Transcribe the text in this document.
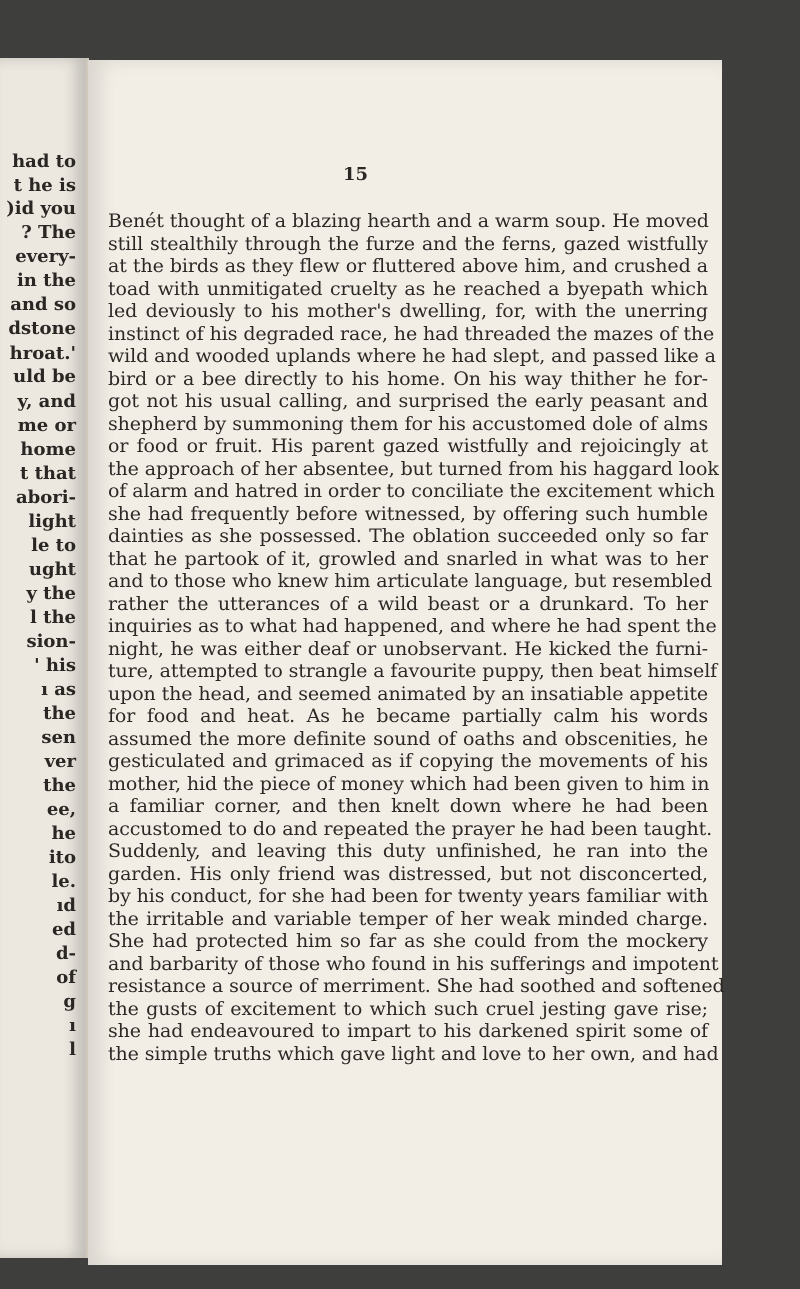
had to
t he is
)id you
? The
every-
in the
and so
dstone
hroat.'
uld be
y, and
me or
home
t that
abori-
light
le to
ught
y the
l the
sion-
' his
ı as
the
sen
ver
the
ee,
he
ito
le.
ıd
ed
d-
of
g
ı
l
15
Benét thought of a blazing hearth and a warm soup. He moved
still stealthily through the furze and the ferns, gazed wistfully
at the birds as they flew or fluttered above him, and crushed a
toad with unmitigated cruelty as he reached a byepath which
led deviously to his mother's dwelling, for, with the unerring
instinct of his degraded race, he had threaded the mazes of the
wild and wooded uplands where he had slept, and passed like a
bird or a bee directly to his home. On his way thither he for-
got not his usual calling, and surprised the early peasant and
shepherd by summoning them for his accustomed dole of alms
or food or fruit. His parent gazed wistfully and rejoicingly at
the approach of her absentee, but turned from his haggard look
of alarm and hatred in order to conciliate the excitement which
she had frequently before witnessed, by offering such humble
dainties as she possessed. The oblation succeeded only so far
that he partook of it, growled and snarled in what was to her
and to those who knew him articulate language, but resembled
rather the utterances of a wild beast or a drunkard. To her
inquiries as to what had happened, and where he had spent the
night, he was either deaf or unobservant. He kicked the furni-
ture, attempted to strangle a favourite puppy, then beat himself
upon the head, and seemed animated by an insatiable appetite
for food and heat. As he became partially calm his words
assumed the more definite sound of oaths and obscenities, he
gesticulated and grimaced as if copying the movements of his
mother, hid the piece of money which had been given to him in
a familiar corner, and then knelt down where he had been
accustomed to do and repeated the prayer he had been taught.
Suddenly, and leaving this duty unfinished, he ran into the
garden. His only friend was distressed, but not disconcerted,
by his conduct, for she had been for twenty years familiar with
the irritable and variable temper of her weak minded charge.
She had protected him so far as she could from the mockery
and barbarity of those who found in his sufferings and impotent
resistance a source of merriment. She had soothed and softened
the gusts of excitement to which such cruel jesting gave rise;
she had endeavoured to impart to his darkened spirit some of
the simple truths which gave light and love to her own, and had
